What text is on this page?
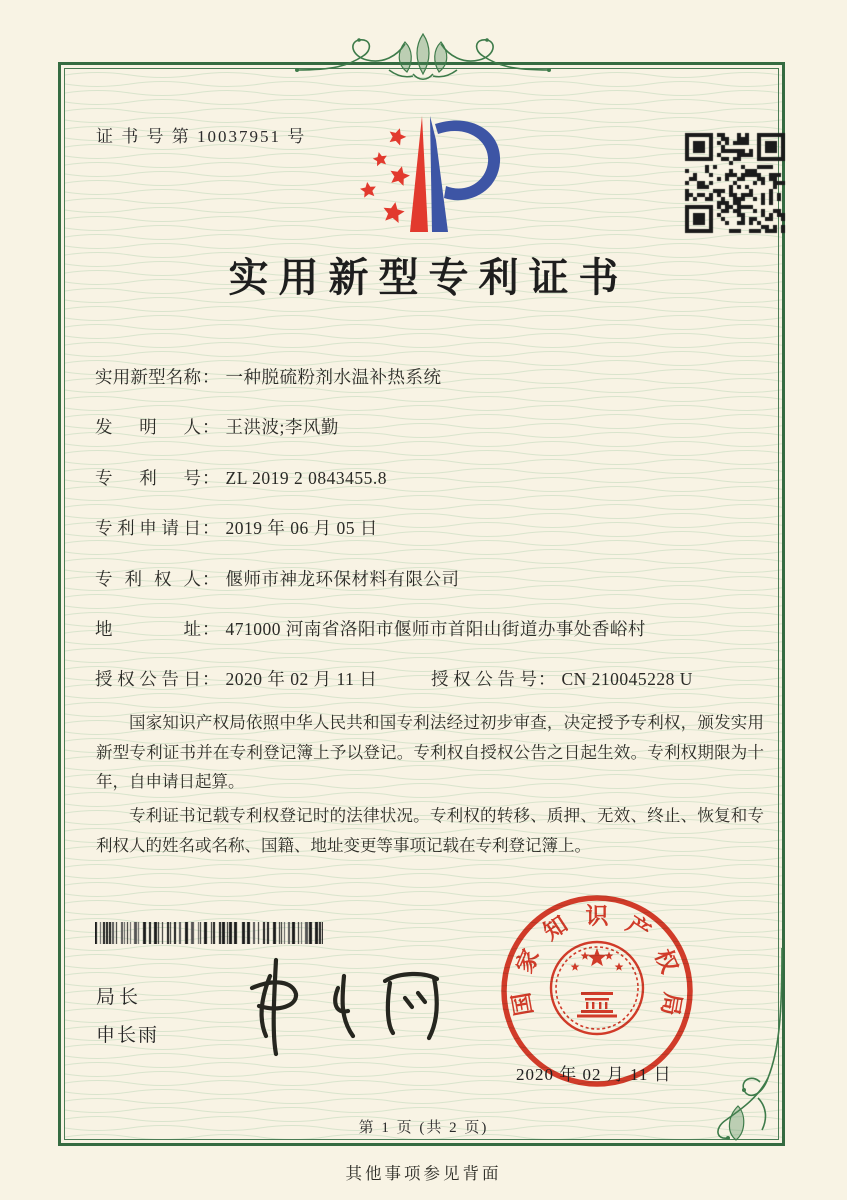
证 书 号 第 10037951 号
实用新型专利证书
实用新型名称： 一种脱硫粉剂水温补热系统
发明人： 王洪波;李风勤
专利号： ZL 2019 2 0843455.8
专利申请日： 2019 年 06 月 05 日
专利权人： 偃师市神龙环保材料有限公司
地址： 471000 河南省洛阳市偃师市首阳山街道办事处香峪村
授权公告日： 2020 年 02 月 11 日	授权公告号： CN 210045228 U

国家知识产权局依照中华人民共和国专利法经过初步审查，决定授予专利权，颁发实用新型专利证书并在专利登记簿上予以登记。专利权自授权公告之日起生效。专利权期限为十年，自申请日起算。

专利证书记载专利权登记时的法律状况。专利权的转移、质押、无效、终止、恢复和专利权人的姓名或名称、国籍、地址变更等事项记载在专利登记簿上。

局长
申长雨
国
家
知 识 产
权
局
2020 年 02 月 11 日
第 1 页 (共 2 页)
其他事项参见背面
